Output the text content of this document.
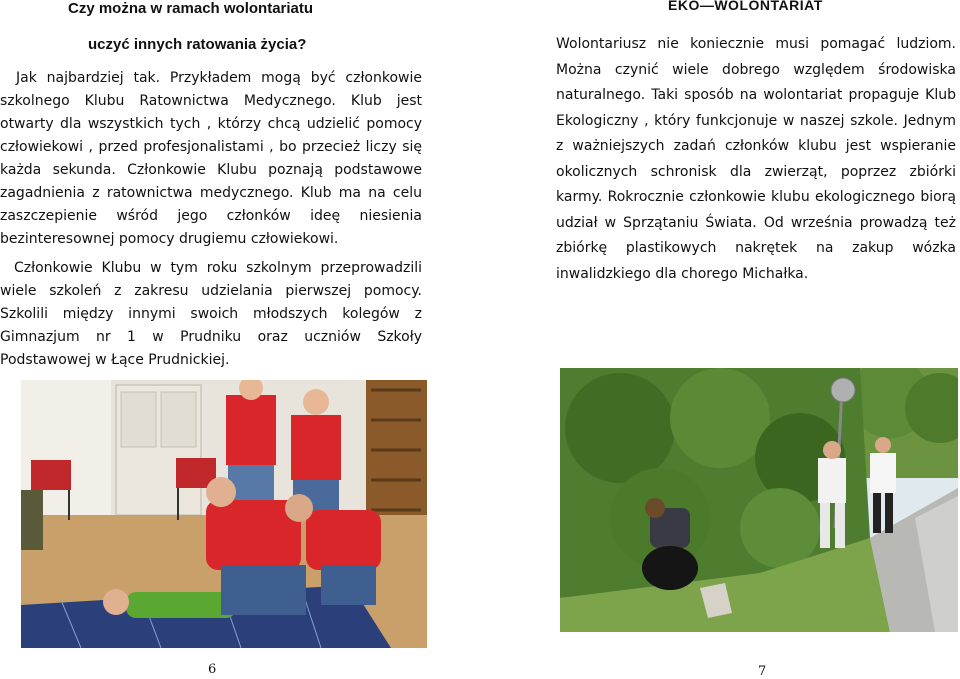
Czy można w ramach wolontariatu
uczyć innych ratowania życia?
Jak najbardziej tak. Przykładem mogą być członkowie szkolnego Klubu Ratownictwa Medycznego. Klub jest otwarty dla wszystkich tych , którzy chcą udzielić pomocy człowiekowi , przed profesjonalistami , bo przecież liczy się każda sekunda. Członkowie Klubu poznają podstawowe zagadnienia z ratownictwa medycznego. Klub ma na celu zaszczepienie wśród jego członków ideę niesienia bezinteresownej pomocy drugiemu człowiekowi.
Członkowie Klubu w tym roku szkolnym przeprowadzili wiele szkoleń z zakresu udzielania pierwszej pomocy. Szkolili między innymi swoich młodszych kolegów z Gimnazjum nr 1 w Prudniku oraz uczniów Szkoły Podstawowej w Łące Prudnickiej.
6
EKO—WOLONTARIAT
Wolontariusz nie koniecznie musi pomagać ludziom. Można czynić wiele dobrego względem środowiska naturalnego. Taki sposób na wolontariat propaguje Klub Ekologiczny , który funkcjonuje w naszej szkole. Jednym z ważniejszych zadań członków klubu jest wspieranie okolicznych schronisk dla zwierząt, poprzez zbiórki karmy. Rokrocznie członkowie klubu ekologicznego biorą udział w Sprzątaniu Świata. Od września prowadzą też zbiórkę plastikowych nakrętek na zakup wózka inwalidzkiego dla chorego Michałka.
7
